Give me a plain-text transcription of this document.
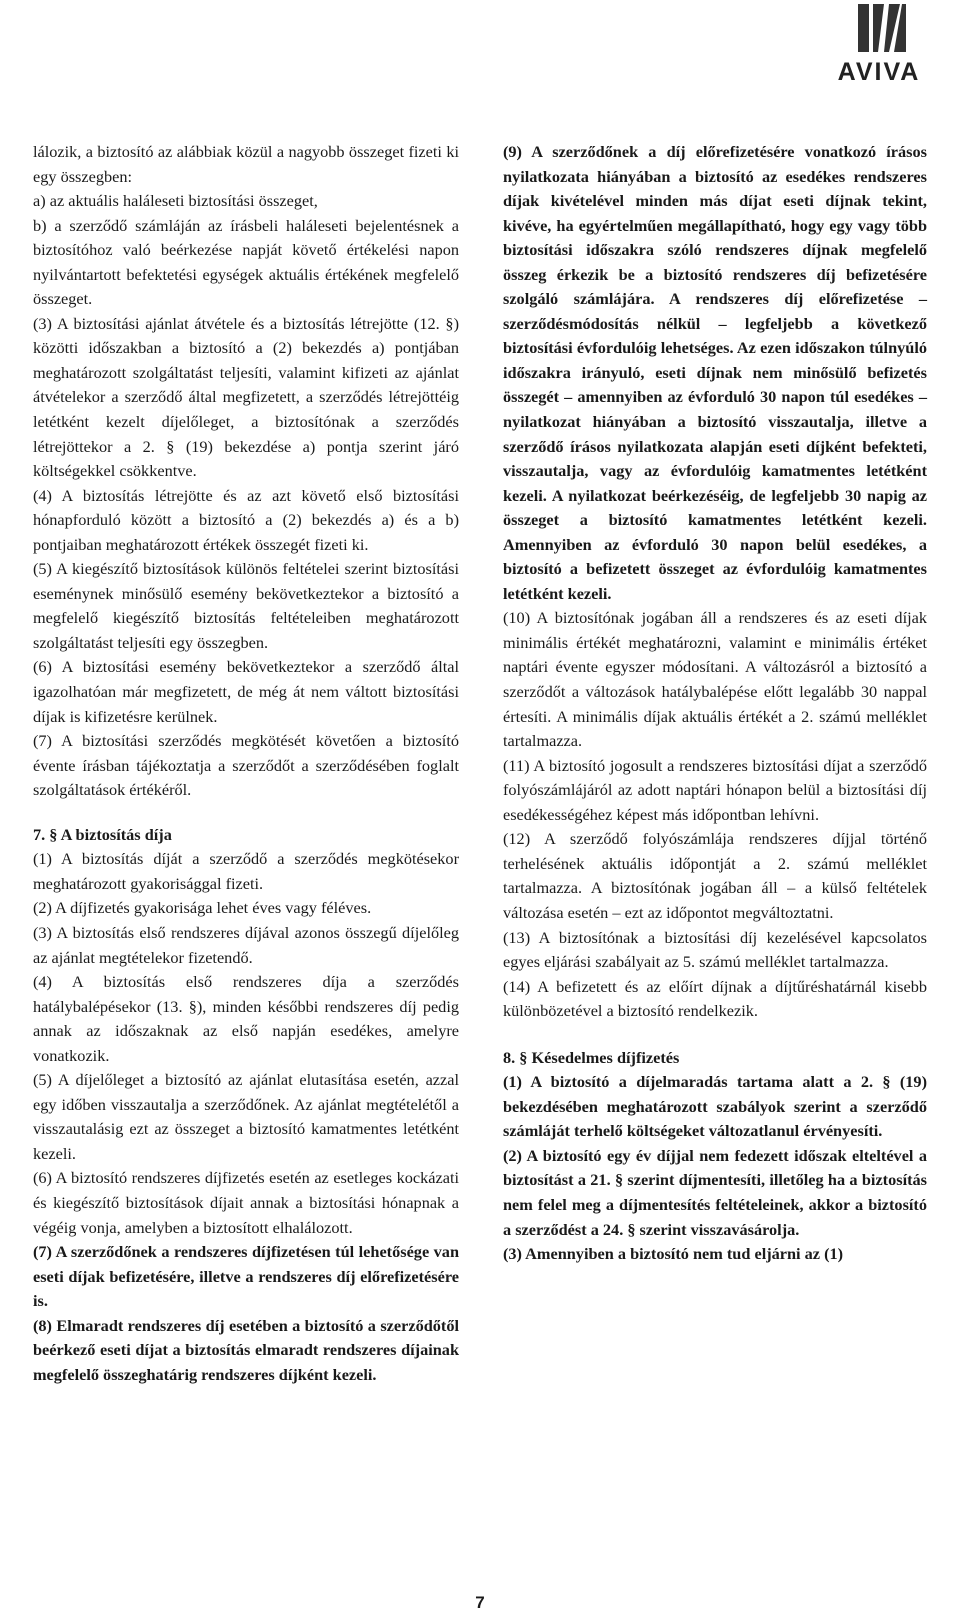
AVIVA

lálozik, a biztosító az alábbiak közül a nagyobb összeget fizeti ki egy összegben:

a) az aktuális haláleseti biztosítási összeget,

b) a szerződő számláján az írásbeli haláleseti bejelentésnek a biztosítóhoz való beérkezése napját követő értékelési napon nyilvántartott befektetési egységek aktuális értékének megfelelő összeget.

(3) A biztosítási ajánlat átvétele és a biztosítás létrejötte (12. §) közötti időszakban a biztosító a (2) bekezdés a) pontjában meghatározott szolgáltatást teljesíti, valamint kifizeti az ajánlat átvételekor a szerződő által megfizetett, a szerződés létrejöttéig letétként kezelt díjelőleget, a biztosítónak a szerződés létrejöttekor a 2. § (19) bekezdése a) pontja szerint járó költségekkel csökkentve.

(4) A biztosítás létrejötte és az azt követő első biztosítási hónapforduló között a biztosító a (2) bekezdés a) és a b) pontjaiban meghatározott értékek összegét fizeti ki.

(5) A kiegészítő biztosítások különös feltételei szerint biztosítási eseménynek minősülő esemény bekövetkeztekor a biztosító a megfelelő kiegészítő biztosítás feltételeiben meghatározott szolgáltatást teljesíti egy összegben.

(6) A biztosítási esemény bekövetkeztekor a szerződő által igazolhatóan már megfizetett, de még át nem váltott biztosítási díjak is kifizetésre kerülnek.

(7) A biztosítási szerződés megkötését követően a biztosító évente írásban tájékoztatja a szerződőt a szerződésében foglalt szolgáltatások értékéről.

7. § A biztosítás díja

(1) A biztosítás díját a szerződő a szerződés megkötésekor meghatározott gyakorisággal fizeti.

(2) A díjfizetés gyakorisága lehet éves vagy féléves.

(3) A biztosítás első rendszeres díjával azonos összegű díjelőleg az ajánlat megtételekor fizetendő.

(4) A biztosítás első rendszeres díja a szerződés hatálybalépésekor (13. §), minden későbbi rendszeres díj pedig annak az időszaknak az első napján esedékes, amelyre vonatkozik.

(5) A díjelőleget a biztosító az ajánlat elutasítása esetén, azzal egy időben visszautalja a szerződőnek. Az ajánlat megtételétől a visszautalásig ezt az összeget a biztosító kamatmentes letétként kezeli.

(6) A biztosító rendszeres díjfizetés esetén az esetleges kockázati és kiegészítő biztosítások díjait annak a biztosítási hónapnak a végéig vonja, amelyben a biztosított elhalálozott.

(7) A szerződőnek a rendszeres díjfizetésen túl lehetősége van eseti díjak befizetésére, illetve a rendszeres díj előrefizetésére is.

(8) Elmaradt rendszeres díj esetében a biztosító a szerződőtől beérkező eseti díjat a biztosítás elmaradt rendszeres díjainak megfelelő összeghatárig rendszeres díjként kezeli.

(9) A szerződőnek a díj előrefizetésére vonatkozó írásos nyilatkozata hiányában a biztosító az esedékes rendszeres díjak kivételével minden más díjat eseti díjnak tekint, kivéve, ha egyértelműen megállapítható, hogy egy vagy több biztosítási időszakra szóló rendszeres díjnak megfelelő összeg érkezik be a biztosító rendszeres díj befizetésére szolgáló számlájára. A rendszeres díj előrefizetése – szerződésmódosítás nélkül – legfeljebb a következő biztosítási évfordulóig lehetséges. Az ezen időszakon túlnyúló időszakra irányuló, eseti díjnak nem minősülő befizetés összegét – amennyiben az évforduló 30 napon túl esedékes – nyilatkozat hiányában a biztosító visszautalja, illetve a szerződő írásos nyilatkozata alapján eseti díjként befekteti, visszautalja, vagy az évfordulóig kamatmentes letétként kezeli. A nyilatkozat beérkezéséig, de legfeljebb 30 napig az összeget a biztosító kamatmentes letétként kezeli. Amennyiben az évforduló 30 napon belül esedékes, a biztosító a befizetett összeget az évfordulóig kamatmentes letétként kezeli.

(10) A biztosítónak jogában áll a rendszeres és az eseti díjak minimális értékét meghatározni, valamint e minimális értéket naptári évente egyszer módosítani. A változásról a biztosító a szerződőt a változások hatálybalépése előtt legalább 30 nappal értesíti. A minimális díjak aktuális értékét a 2. számú melléklet tartalmazza.

(11) A biztosító jogosult a rendszeres biztosítási díjat a szerződő folyószámlájáról az adott naptári hónapon belül a biztosítási díj esedékességéhez képest más időpontban lehívni.

(12) A szerződő folyószámlája rendszeres díjjal történő terhelésének aktuális időpontját a 2. számú melléklet tartalmazza. A biztosítónak jogában áll – a külső feltételek változása esetén – ezt az időpontot megváltoztatni.

(13) A biztosítónak a biztosítási díj kezelésével kapcsolatos egyes eljárási szabályait az 5. számú melléklet tartalmazza.

(14) A befizetett és az előírt díjnak a díjtűréshatárnál kisebb különbözetével a biztosító rendelkezik.

8. § Késedelmes díjfizetés

(1) A biztosító a díjelmaradás tartama alatt a 2. § (19) bekezdésében meghatározott szabályok szerint a szerződő számláját terhelő költségeket változatlanul érvényesíti.

(2) A biztosító egy év díjjal nem fedezett időszak elteltével a biztosítást a 21. § szerint díjmentesíti, illetőleg ha a biztosítás nem felel meg a díjmentesítés feltételeinek, akkor a biztosító a szerződést a 24. § szerint visszavásárolja.

(3) Amennyiben a biztosító nem tud eljárni az (1)

7
